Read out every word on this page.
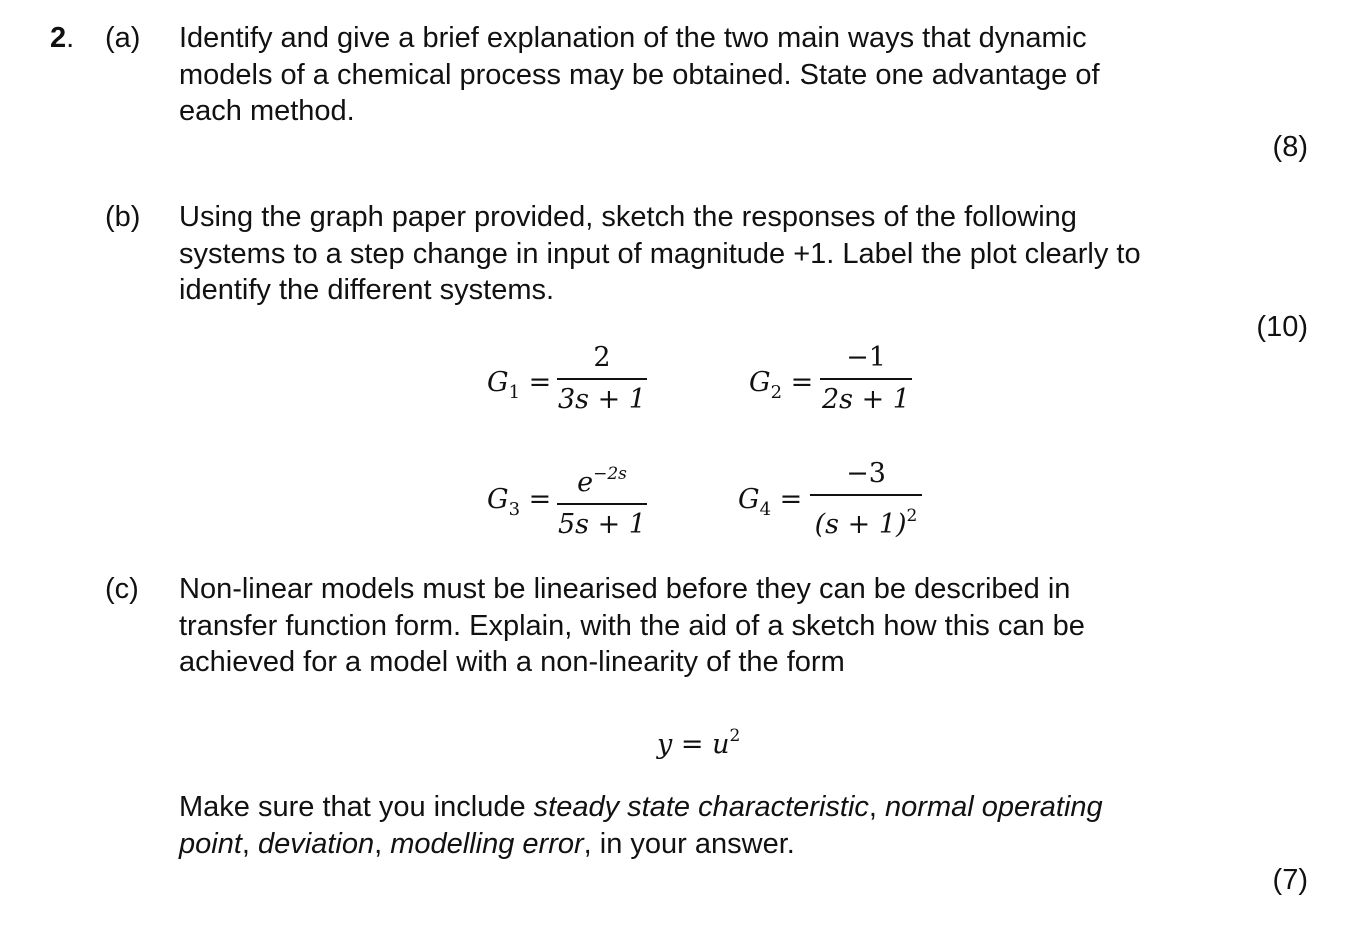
2. (a) Identify and give a brief explanation of the two main ways that dynamic
models of a chemical process may be obtained. State one advantage of
each method.
(8)
(b) Using the graph paper provided, sketch the responses of the following
systems to a step change in input of magnitude +1. Label the plot clearly to
identify the different systems.
(10)
$G_1$ =
2
3s + 1
$G_2$ =
−1
2s + 1
$G_3$ =
$e^{-2s}$
5s + 1
$G_4$ =
−3
$(s + 1)^2$
(c) Non-linear models must be linearised before they can be described in
transfer function form. Explain, with the aid of a sketch how this can be
achieved for a model with a non-linearity of the form
$y = u^2$
Make sure that you include steady state characteristic, normal operating
point, deviation, modelling error, in your answer.
(7)
